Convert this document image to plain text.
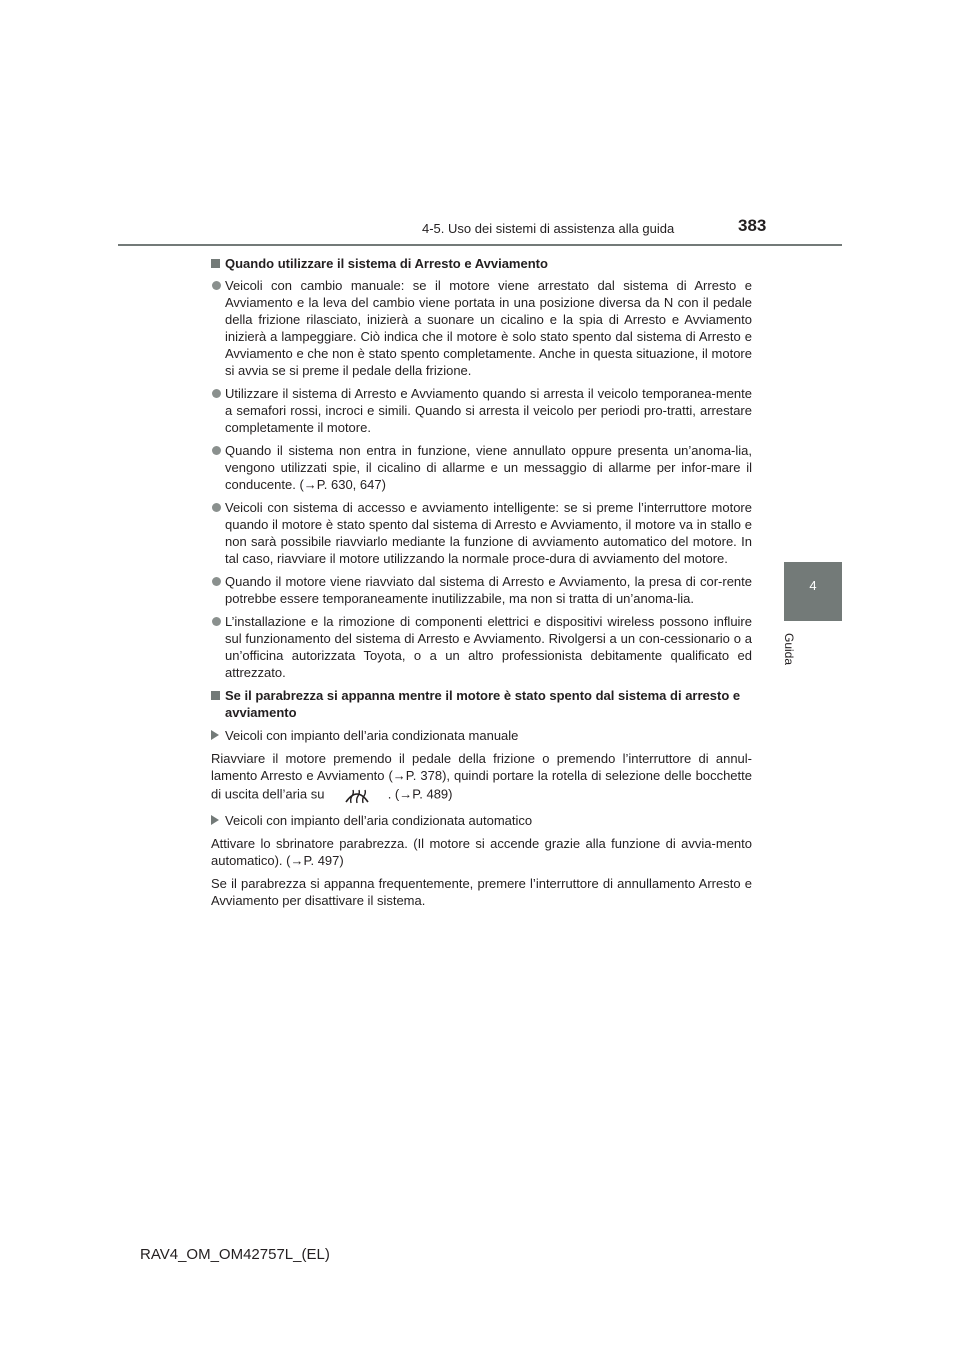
4-5. Uso dei sistemi di assistenza alla guida	383
4
Guida
Quando utilizzare il sistema di Arresto e Avviamento
Veicoli con cambio manuale: se il motore viene arrestato dal sistema di Arresto e Avviamento e la leva del cambio viene portata in una posizione diversa da N con il pedale della frizione rilasciato, inizierà a suonare un cicalino e la spia di Arresto e Avviamento inizierà a lampeggiare. Ciò indica che il motore è solo stato spento dal sistema di Arresto e Avviamento e che non è stato spento completamente. Anche in questa situazione, il motore si avvia se si preme il pedale della frizione.
Utilizzare il sistema di Arresto e Avviamento quando si arresta il veicolo temporanea-mente a semafori rossi, incroci e simili. Quando si arresta il veicolo per periodi pro-tratti, arrestare completamente il motore.
Quando il sistema non entra in funzione, viene annullato oppure presenta un’anoma-lia, vengono utilizzati spie, il cicalino di allarme e un messaggio di allarme per infor-mare il conducente. (→P. 630, 647)
Veicoli con sistema di accesso e avviamento intelligente: se si preme l’interruttore motore quando il motore è stato spento dal sistema di Arresto e Avviamento, il motore va in stallo e non sarà possibile riavviarlo mediante la funzione di avviamento automatico del motore. In tal caso, riavviare il motore utilizzando la normale proce-dura di avviamento del motore.
Quando il motore viene riavviato dal sistema di Arresto e Avviamento, la presa di cor-rente potrebbe essere temporaneamente inutilizzabile, ma non si tratta di un’anoma-lia.
L’installazione e la rimozione di componenti elettrici e dispositivi wireless possono influire sul funzionamento del sistema di Arresto e Avviamento. Rivolgersi a un con-cessionario o a un’officina autorizzata Toyota, o a un altro professionista debitamente qualificato ed attrezzato.
Se il parabrezza si appanna mentre il motore è stato spento dal sistema di arresto e avviamento
Veicoli con impianto dell’aria condizionata manuale
Riavviare il motore premendo il pedale della frizione o premendo l’interruttore di annul-lamento Arresto e Avviamento (→P. 378), quindi portare la rotella di selezione delle bocchette di uscita dell’aria su	. (→P. 489)
Veicoli con impianto dell’aria condizionata automatico
Attivare lo sbrinatore parabrezza. (Il motore si accende grazie alla funzione di avvia-mento automatico). (→P. 497)
Se il parabrezza si appanna frequentemente, premere l’interruttore di annullamento Arresto e Avviamento per disattivare il sistema.
RAV4_OM_OM42757L_(EL)
